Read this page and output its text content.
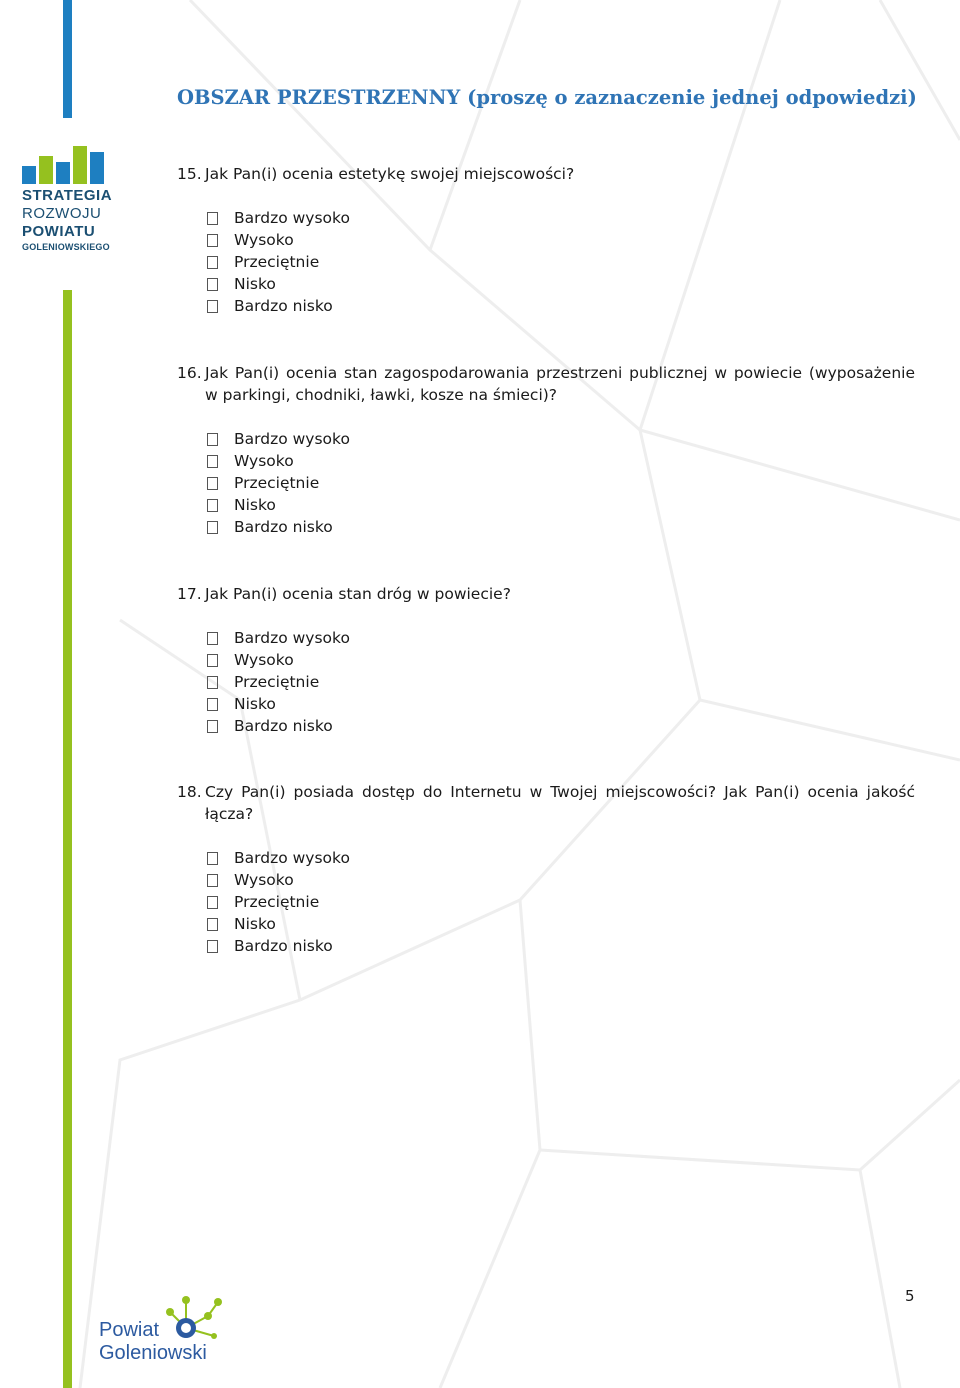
STRATEGIA
ROZWOJU
POWIATU
GOLENIOWSKIEGO
OBSZAR PRZESTRZENNY (proszę o zaznaczenie jednej odpowiedzi)
15. Jak Pan(i) ocenia estetykę swojej miejscowości?
Bardzo wysoko
Wysoko
Przeciętnie
Nisko
Bardzo nisko
16. Jak Pan(i) ocenia stan zagospodarowania przestrzeni publicznej w powiecie (wyposażenie w parkingi, chodniki, ławki, kosze na śmieci)?
Bardzo wysoko
Wysoko
Przeciętnie
Nisko
Bardzo nisko
17. Jak Pan(i) ocenia stan dróg w powiecie?
Bardzo wysoko
Wysoko
Przeciętnie
Nisko
Bardzo nisko
18. Czy Pan(i) posiada dostęp do Internetu w Twojej miejscowości? Jak Pan(i) ocenia jakość łącza?
Bardzo wysoko
Wysoko
Przeciętnie
Nisko
Bardzo nisko
5
Powiat
Goleniowski
